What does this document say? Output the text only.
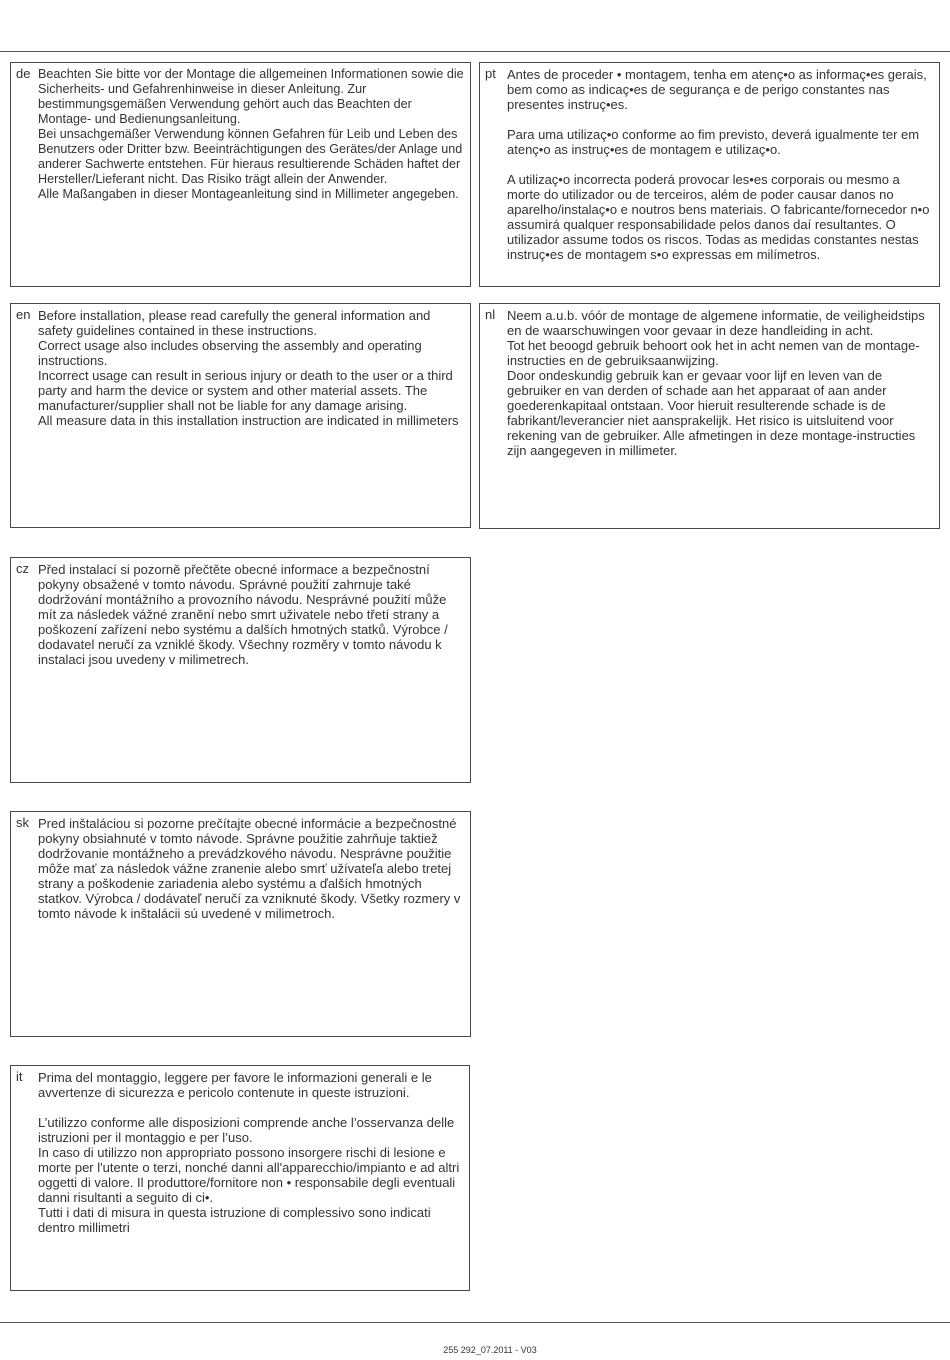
de Beachten Sie bitte vor der Montage die allgemeinen Informationen sowie die Sicherheits- und Gefahrenhinweise in dieser Anleitung. Zur bestimmungsgemäßen Verwendung gehört auch das Beachten der Montage- und Bedienungsanleitung.

Bei unsachgemäßer Verwendung können Gefahren für Leib und Leben des Benutzers oder Dritter bzw. Beeinträchtigungen des Gerätes/der Anlage und anderer Sachwerte entstehen. Für hieraus resultierende Schäden haftet der Hersteller/Lieferant nicht. Das Risiko trägt allein der Anwender.

Alle Maßangaben in dieser Montageanleitung sind in Millimeter angegeben.

pt Antes de proceder • montagem, tenha em atenç•o as informaç•es gerais, bem como as indicaç•es de segurança e de perigo constantes nas presentes instruç•es.

Para uma utilizaç•o conforme ao fim previsto, deverá igualmente ter em atenç•o as instruç•es de montagem e utilizaç•o.

A utilizaç•o incorrecta poderá provocar les•es corporais ou mesmo a morte do utilizador ou de terceiros, além de poder causar danos no aparelho/instalaç•o e noutros bens materiais. O fabricante/fornecedor n•o assumirá qualquer responsabilidade pelos danos daí resultantes. O utilizador assume todos os riscos. Todas as medidas constantes nestas instruç•es de montagem s•o expressas em milímetros.

en Before installation, please read carefully the general information and safety guidelines contained in these instructions.

Correct usage also includes observing the assembly and operating instructions.

Incorrect usage can result in serious injury or death to the user or a third party and harm the device or system and other material assets. The manufacturer/supplier shall not be liable for any damage arising.

All measure data in this installation instruction are indicated in millimeters

nl Neem a.u.b. vóór de montage de algemene informatie, de veiligheidstips en de waarschuwingen voor gevaar in deze handleiding in acht.

Tot het beoogd gebruik behoort ook het in acht nemen van de montage-instructies en de gebruiksaanwijzing.

Door ondeskundig gebruik kan er gevaar voor lijf en leven van de gebruiker en van derden of schade aan het apparaat of aan ander goederenkapitaal ontstaan. Voor hieruit resulterende schade is de fabrikant/leverancier niet aansprakelijk. Het risico is uitsluitend voor rekening van de gebruiker. Alle afmetingen in deze montage-instructies zijn aangegeven in millimeter.

cz Před instalací si pozorně přečtěte obecné informace a bezpečnostní pokyny obsažené v tomto návodu. Správné použití zahrnuje také dodržování montážního a provozního návodu. Nesprávné použití může mít za následek vážné zranění nebo smrt uživatele nebo třetí strany a poškození zařízení nebo systému a dalších hmotných statků. Výrobce / dodavatel neručí za vzniklé škody. Všechny rozměry v tomto návodu k instalaci jsou uvedeny v milimetrech.

sk Pred inštaláciou si pozorne prečítajte obecné informácie a bezpečnostné pokyny obsiahnuté v tomto návode. Správne použitie zahrňuje taktiež dodržovanie montážneho a prevádzkového návodu. Nesprávne použitie môže mať za následok vážne zranenie alebo smrť užívateľa alebo tretej strany a poškodenie zariadenia alebo systému a ďalších hmotných statkov. Výrobca / dodávateľ neručí za vzniknuté škody. Všetky rozmery v tomto návode k inštalácii sú uvedené v milimetroch.

it Prima del montaggio, leggere per favore le informazioni generali e le avvertenze di sicurezza e pericolo contenute in queste istruzioni.

L’utilizzo conforme alle disposizioni comprende anche l’osservanza delle istruzioni per il montaggio e per l’uso.

In caso di utilizzo non appropriato possono insorgere rischi di lesione e morte per l'utente o terzi, nonché danni all'apparecchio/impianto e ad altri oggetti di valore. Il produttore/fornitore non • responsabile degli eventuali danni risultanti a seguito di ci•.

Tutti i dati di misura in questa istruzione di complessivo sono indicati dentro millimetri

255 292_07.2011 - V03
